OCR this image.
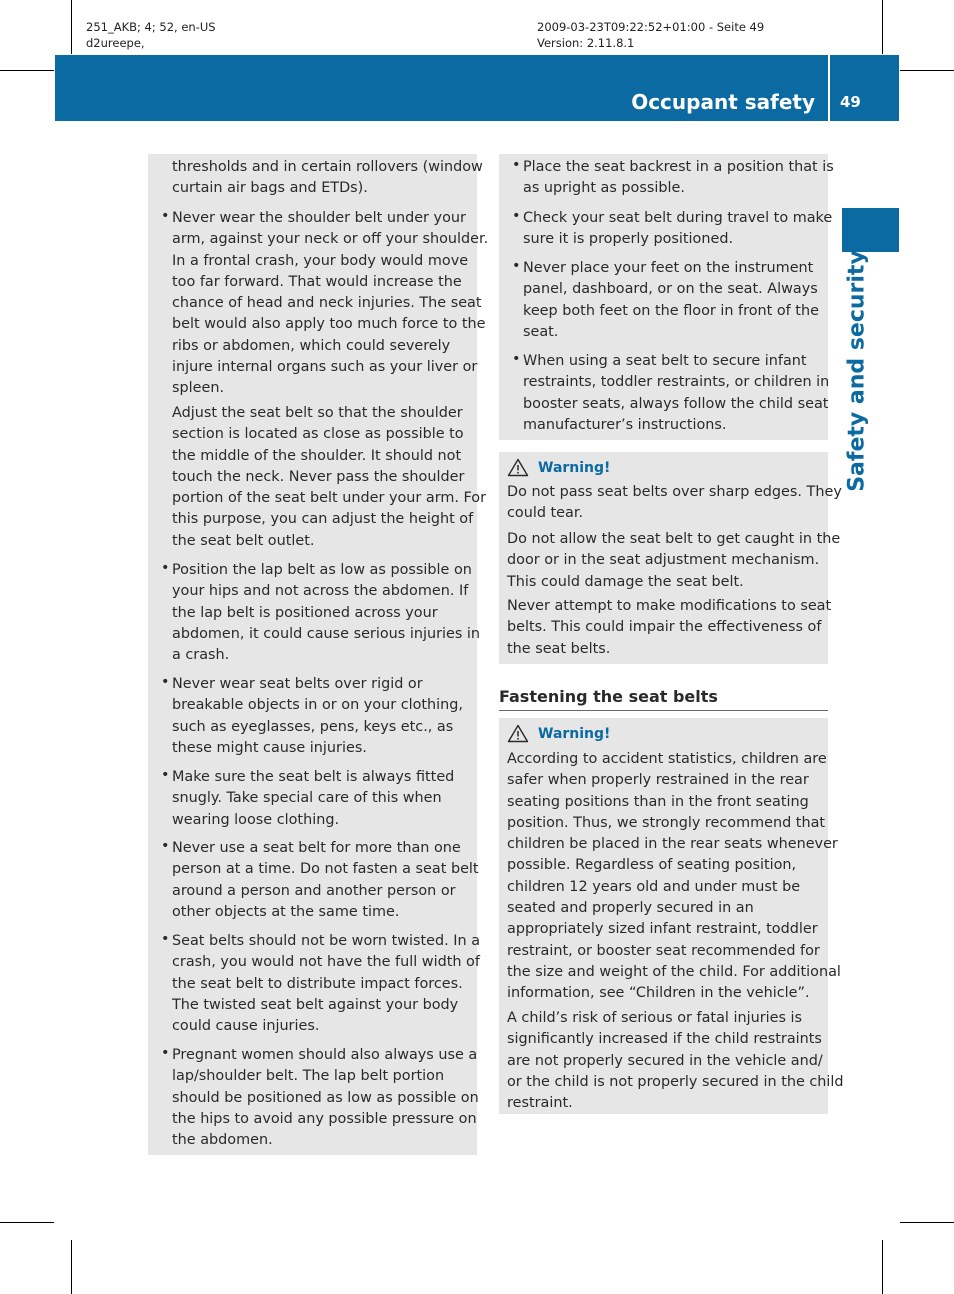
251_AKB; 4; 52, en-US
d2ureepe,
2009-03-23T09:22:52+01:00 - Seite 49
Version: 2.11.8.1
Occupant safety 49
Safety and security
thresholds and in certain rollovers (window
curtain air bags and ETDs).
• Never wear the shoulder belt under your
arm, against your neck or off your shoulder.
In a frontal crash, your body would move
too far forward. That would increase the
chance of head and neck injuries. The seat
belt would also apply too much force to the
ribs or abdomen, which could severely
injure internal organs such as your liver or
spleen.
Adjust the seat belt so that the shoulder
section is located as close as possible to
the middle of the shoulder. It should not
touch the neck. Never pass the shoulder
portion of the seat belt under your arm. For
this purpose, you can adjust the height of
the seat belt outlet.
• Position the lap belt as low as possible on
your hips and not across the abdomen. If
the lap belt is positioned across your
abdomen, it could cause serious injuries in
a crash.
• Never wear seat belts over rigid or
breakable objects in or on your clothing,
such as eyeglasses, pens, keys etc., as
these might cause injuries.
• Make sure the seat belt is always fitted
snugly. Take special care of this when
wearing loose clothing.
• Never use a seat belt for more than one
person at a time. Do not fasten a seat belt
around a person and another person or
other objects at the same time.
• Seat belts should not be worn twisted. In a
crash, you would not have the full width of
the seat belt to distribute impact forces.
The twisted seat belt against your body
could cause injuries.
• Pregnant women should also always use a
lap/shoulder belt. The lap belt portion
should be positioned as low as possible on
the hips to avoid any possible pressure on
the abdomen.
• Place the seat backrest in a position that is
as upright as possible.
• Check your seat belt during travel to make
sure it is properly positioned.
• Never place your feet on the instrument
panel, dashboard, or on the seat. Always
keep both feet on the floor in front of the
seat.
• When using a seat belt to secure infant
restraints, toddler restraints, or children in
booster seats, always follow the child seat
manufacturer’s instructions.
Warning!
Do not pass seat belts over sharp edges. They
could tear.
Do not allow the seat belt to get caught in the
door or in the seat adjustment mechanism.
This could damage the seat belt.
Never attempt to make modifications to seat
belts. This could impair the effectiveness of
the seat belts.
Fastening the seat belts
Warning!
According to accident statistics, children are
safer when properly restrained in the rear
seating positions than in the front seating
position. Thus, we strongly recommend that
children be placed in the rear seats whenever
possible. Regardless of seating position,
children 12 years old and under must be
seated and properly secured in an
appropriately sized infant restraint, toddler
restraint, or booster seat recommended for
the size and weight of the child. For additional
information, see “Children in the vehicle”.
A child’s risk of serious or fatal injuries is
significantly increased if the child restraints
are not properly secured in the vehicle and/
or the child is not properly secured in the child
restraint.
